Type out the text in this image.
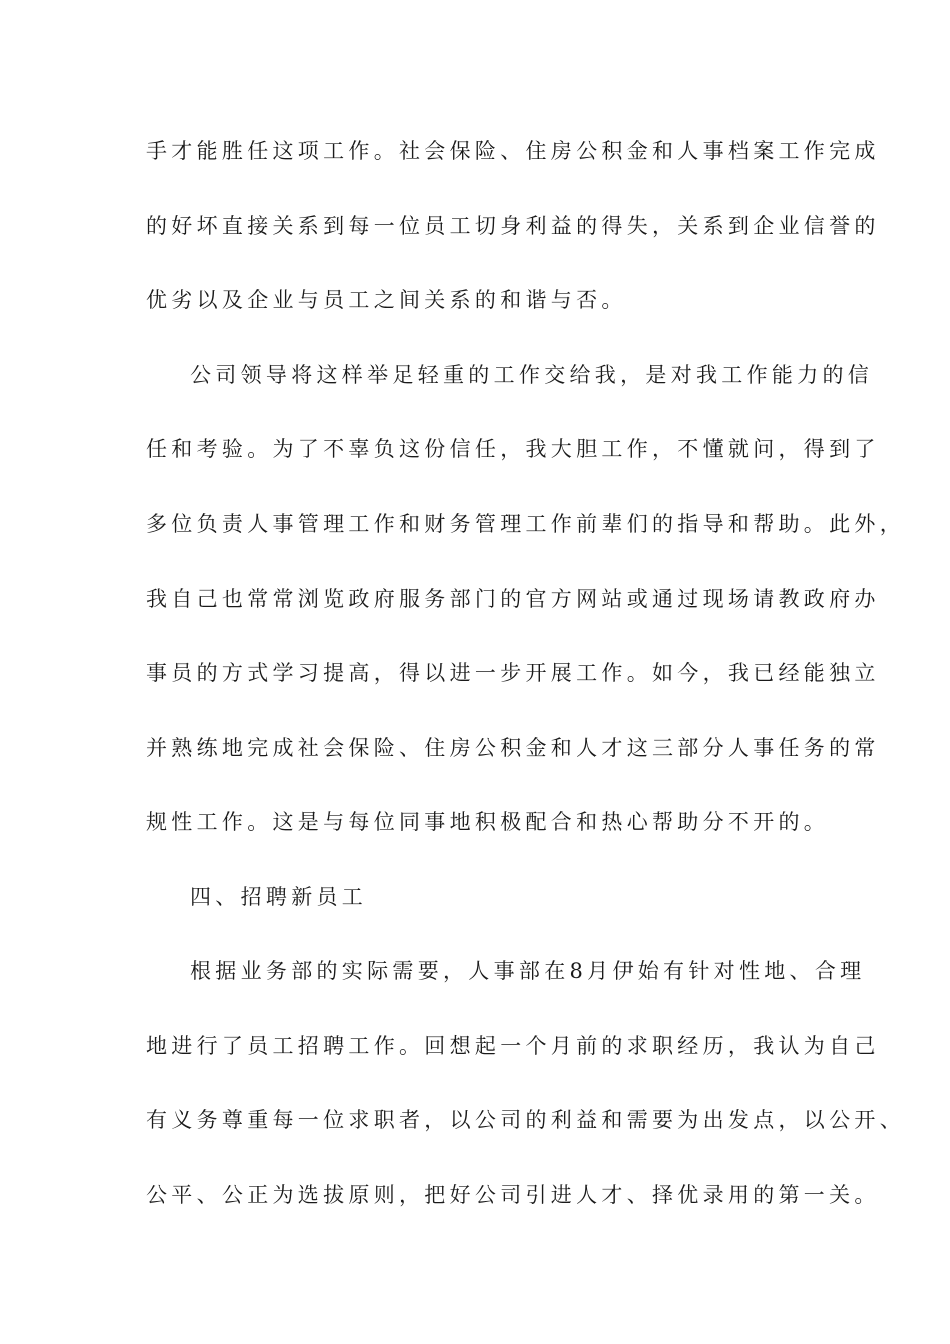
手才能胜任这项工作。社会保险、住房公积金和人事档案工作完成
的好坏直接关系到每一位员工切身利益的得失，关系到企业信誉的
优劣以及企业与员工之间关系的和谐与否。
公司领导将这样举足轻重的工作交给我，是对我工作能力的信
任和考验。为了不辜负这份信任，我大胆工作，不懂就问，得到了
多位负责人事管理工作和财务管理工作前辈们的指导和帮助。此外，
我自己也常常浏览政府服务部门的官方网站或通过现场请教政府办
事员的方式学习提高，得以进一步开展工作。如今，我已经能独立
并熟练地完成社会保险、住房公积金和人才这三部分人事任务的常
规性工作。这是与每位同事地积极配合和热心帮助分不开的。
四、招聘新员工
根据业务部的实际需要，人事部在8月伊始有针对性地、合理
地进行了员工招聘工作。回想起一个月前的求职经历，我认为自己
有义务尊重每一位求职者，以公司的利益和需要为出发点，以公开、
公平、公正为选拔原则，把好公司引进人才、择优录用的第一关。
